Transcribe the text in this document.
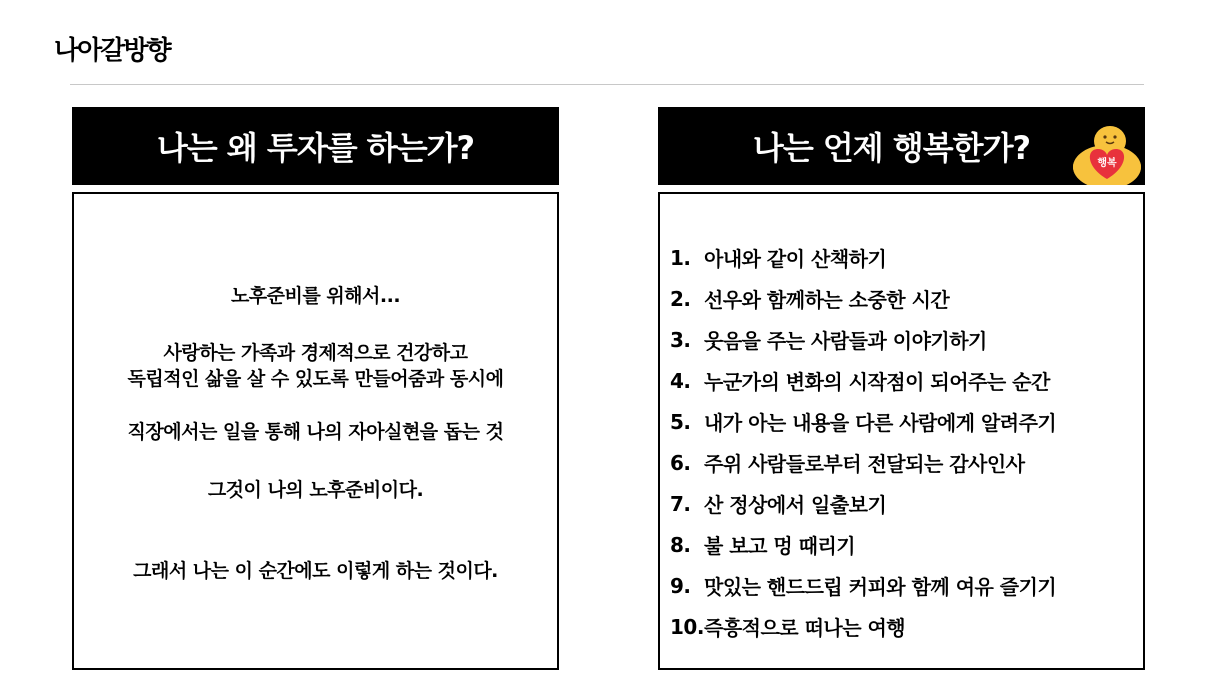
나아갈방향
나는 왜 투자를 하는가?
노후준비를 위해서...
사랑하는 가족과 경제적으로 건강하고
독립적인 삶을 살 수 있도록 만들어줌과 동시에
직장에서는 일을 통해 나의 자아실현을 돕는 것
그것이 나의 노후준비이다.
그래서 나는 이 순간에도 이렇게 하는 것이다.
나는 언제 행복한가?	행복
1. 아내와 같이 산책하기
2. 선우와 함께하는 소중한 시간
3. 웃음을 주는 사람들과 이야기하기
4. 누군가의 변화의 시작점이 되어주는 순간
5. 내가 아는 내용을 다른 사람에게 알려주기
6. 주위 사람들로부터 전달되는 감사인사
7. 산 정상에서 일출보기
8. 불 보고 멍 때리기
9. 맛있는 핸드드립 커피와 함께 여유 즐기기
10. 즉흥적으로 떠나는 여행
